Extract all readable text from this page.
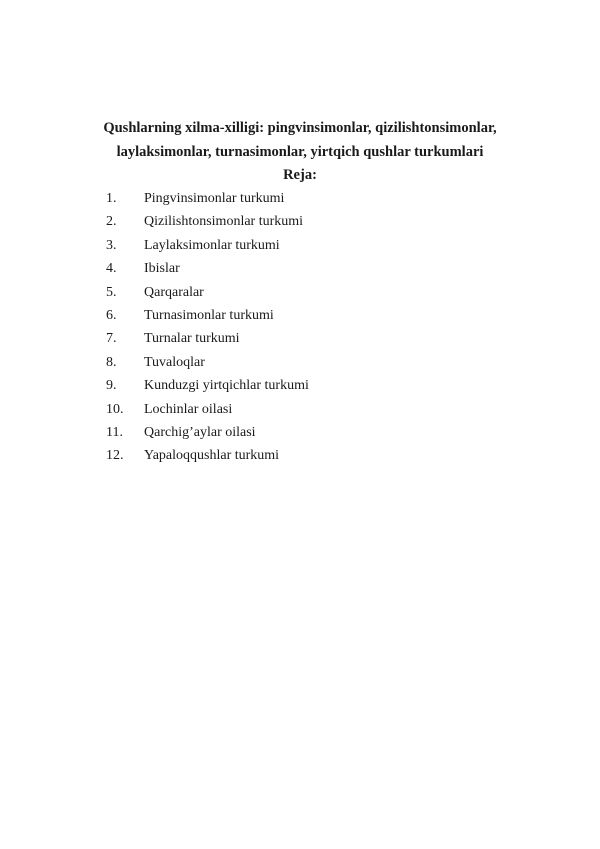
Qushlarning xilma-xilligi: pingvinsimonlar, qizilishtonsimonlar,
laylaksimonlar, turnasimonlar, yirtqich qushlar turkumlari
Reja:
1.	Pingvinsimonlar turkumi
2.	Qizilishtonsimonlar turkumi
3.	Laylaksimonlar turkumi
4.	Ibislar
5.	Qarqaralar
6.	Turnasimonlar turkumi
7.	Turnalar turkumi
8.	Tuvaloqlar
9.	Kunduzgi yirtqichlar turkumi
10.	Lochinlar oilasi
11.	Qarchig’aylar oilasi
12.	Yapaloqqushlar turkumi
